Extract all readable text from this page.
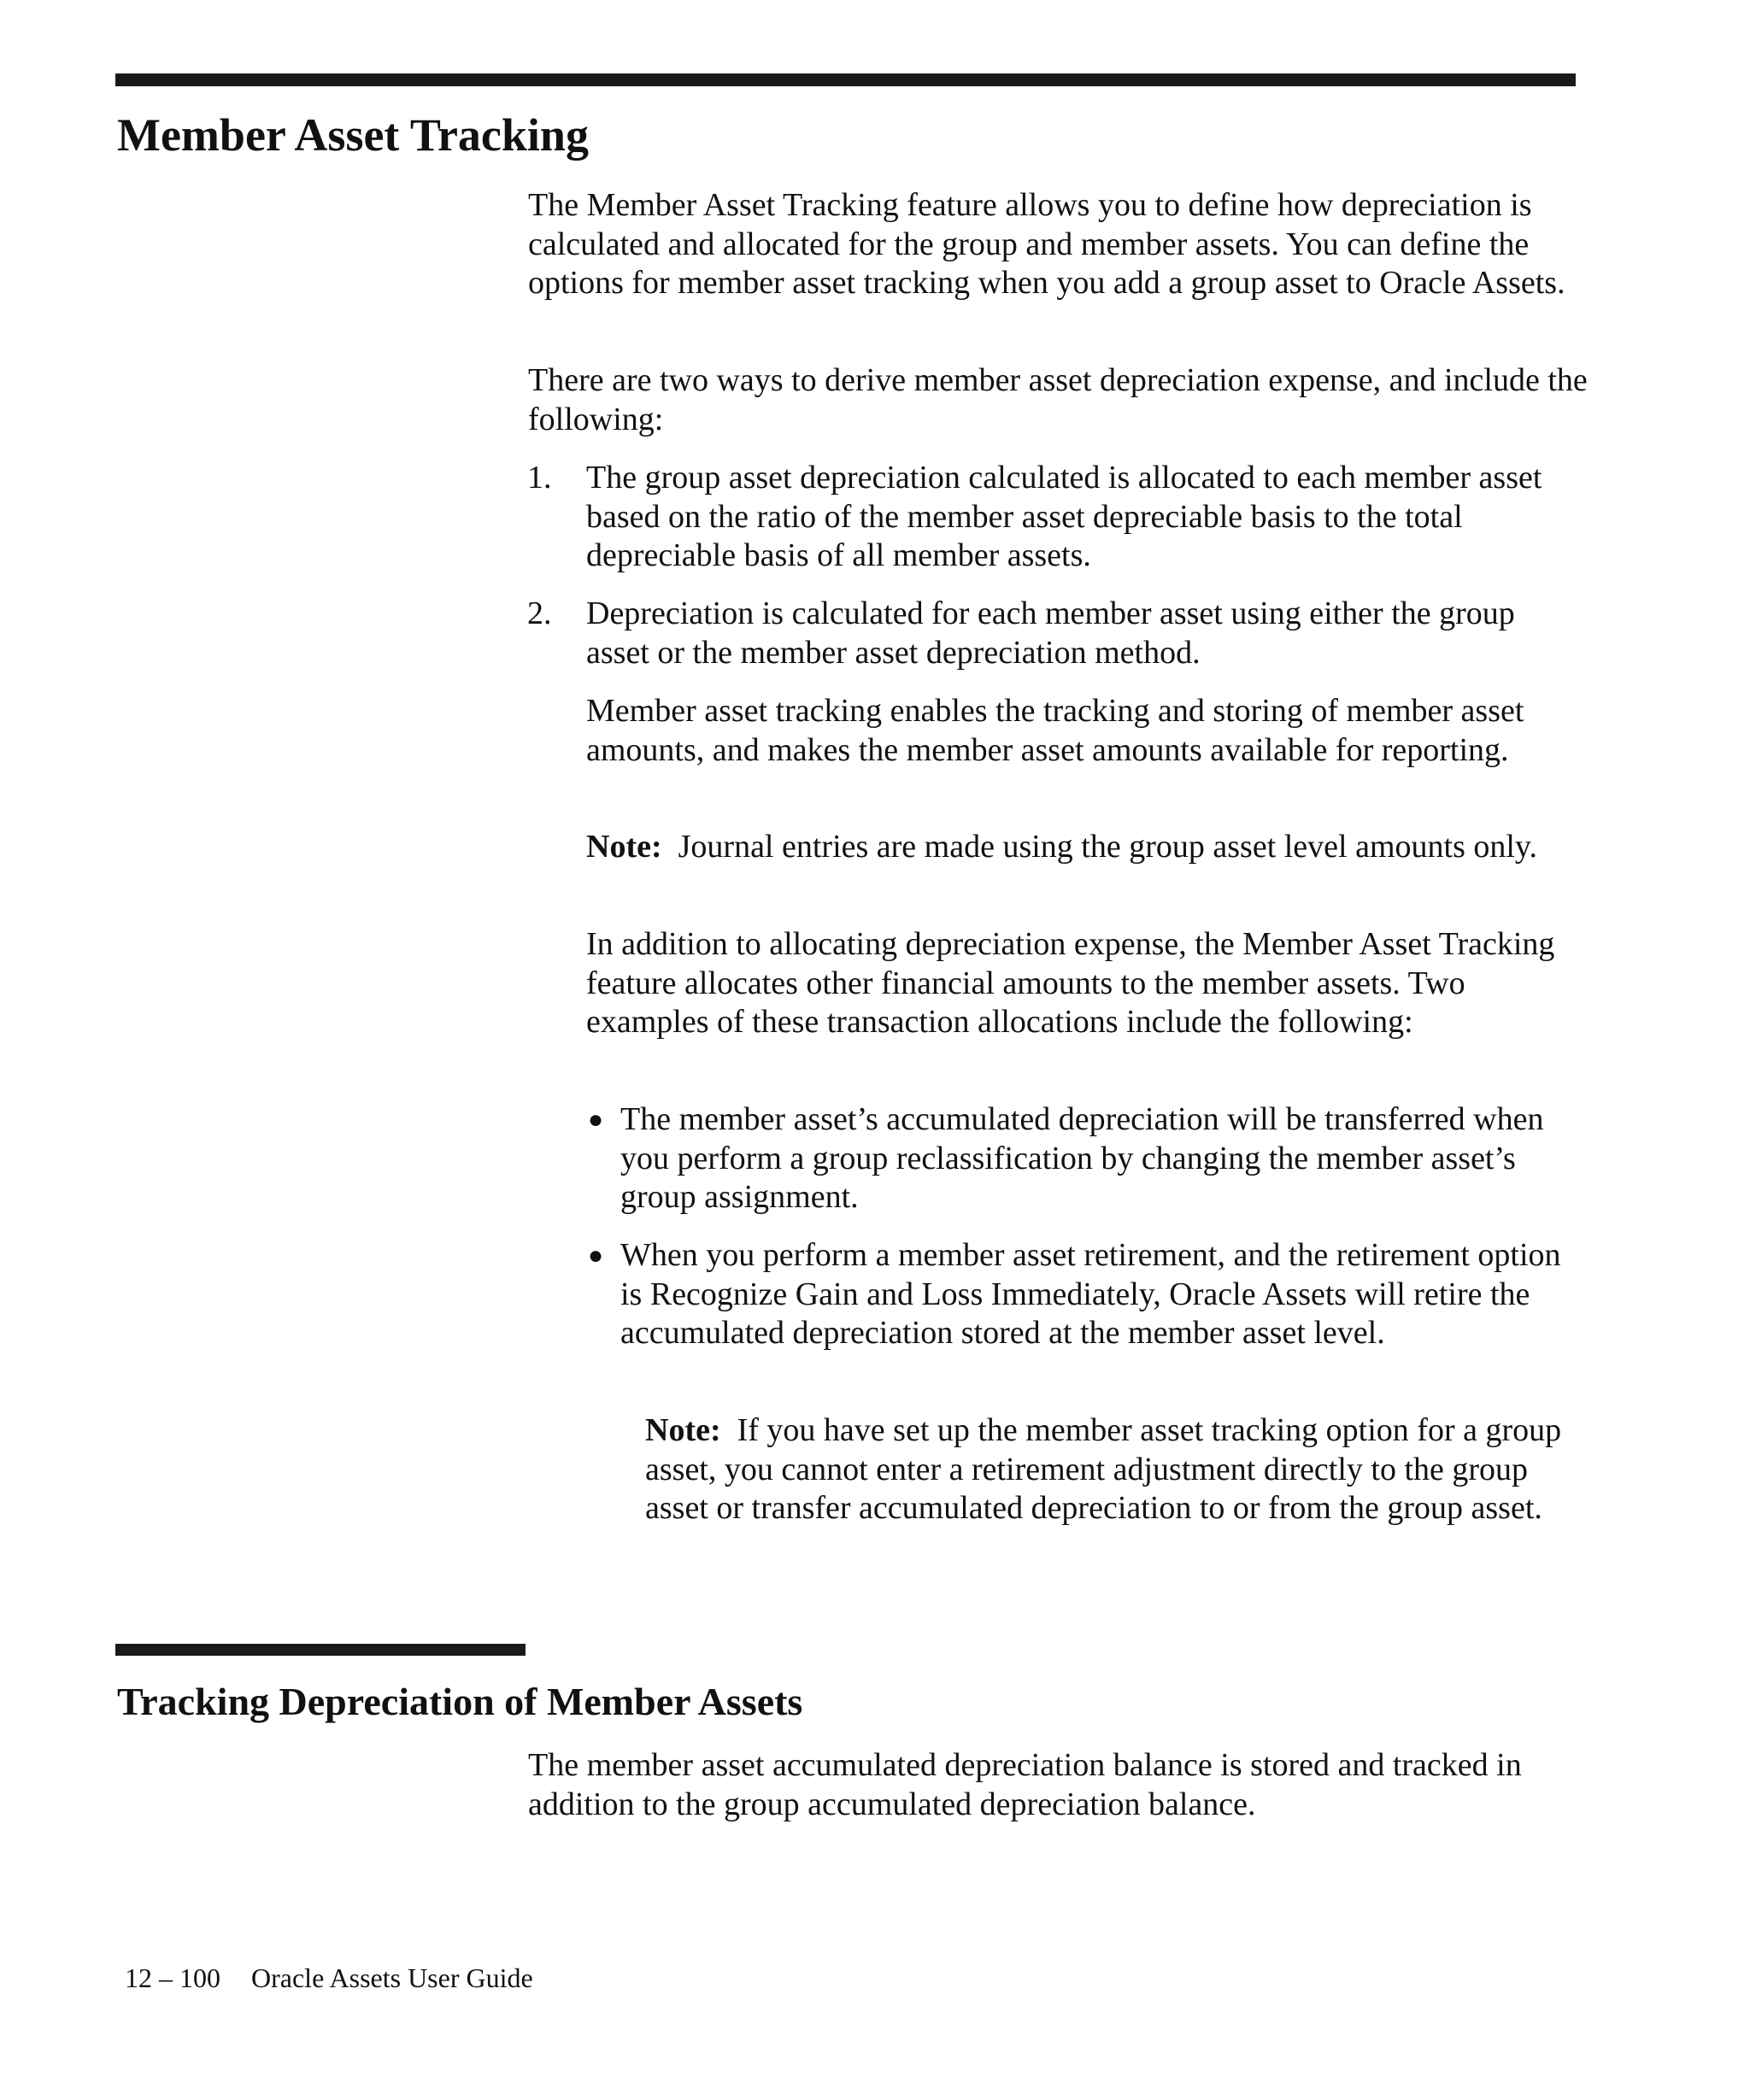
Member Asset Tracking

The Member Asset Tracking feature allows you to define how depreciation is calculated and allocated for the group and member assets. You can define the options for member asset tracking when you add a group asset to Oracle Assets.

There are two ways to derive member asset depreciation expense, and include the following:

1. The group asset depreciation calculated is allocated to each member asset based on the ratio of the member asset depreciable basis to the total depreciable basis of all member assets.

2. Depreciation is calculated for each member asset using either the group asset or the member asset depreciation method.

Member asset tracking enables the tracking and storing of member asset amounts, and makes the member asset amounts available for reporting.

Note: Journal entries are made using the group asset level amounts only.

In addition to allocating depreciation expense, the Member Asset Tracking feature allocates other financial amounts to the member assets. Two examples of these transaction allocations include the following:

● The member asset’s accumulated depreciation will be transferred when you perform a group reclassification by changing the member asset’s group assignment.

● When you perform a member asset retirement, and the retirement option is Recognize Gain and Loss Immediately, Oracle Assets will retire the accumulated depreciation stored at the member asset level.

Note: If you have set up the member asset tracking option for a group asset, you cannot enter a retirement adjustment directly to the group asset or transfer accumulated depreciation to or from the group asset.

Tracking Depreciation of Member Assets

The member asset accumulated depreciation balance is stored and tracked in addition to the group accumulated depreciation balance.

12 – 100 Oracle Assets User Guide
